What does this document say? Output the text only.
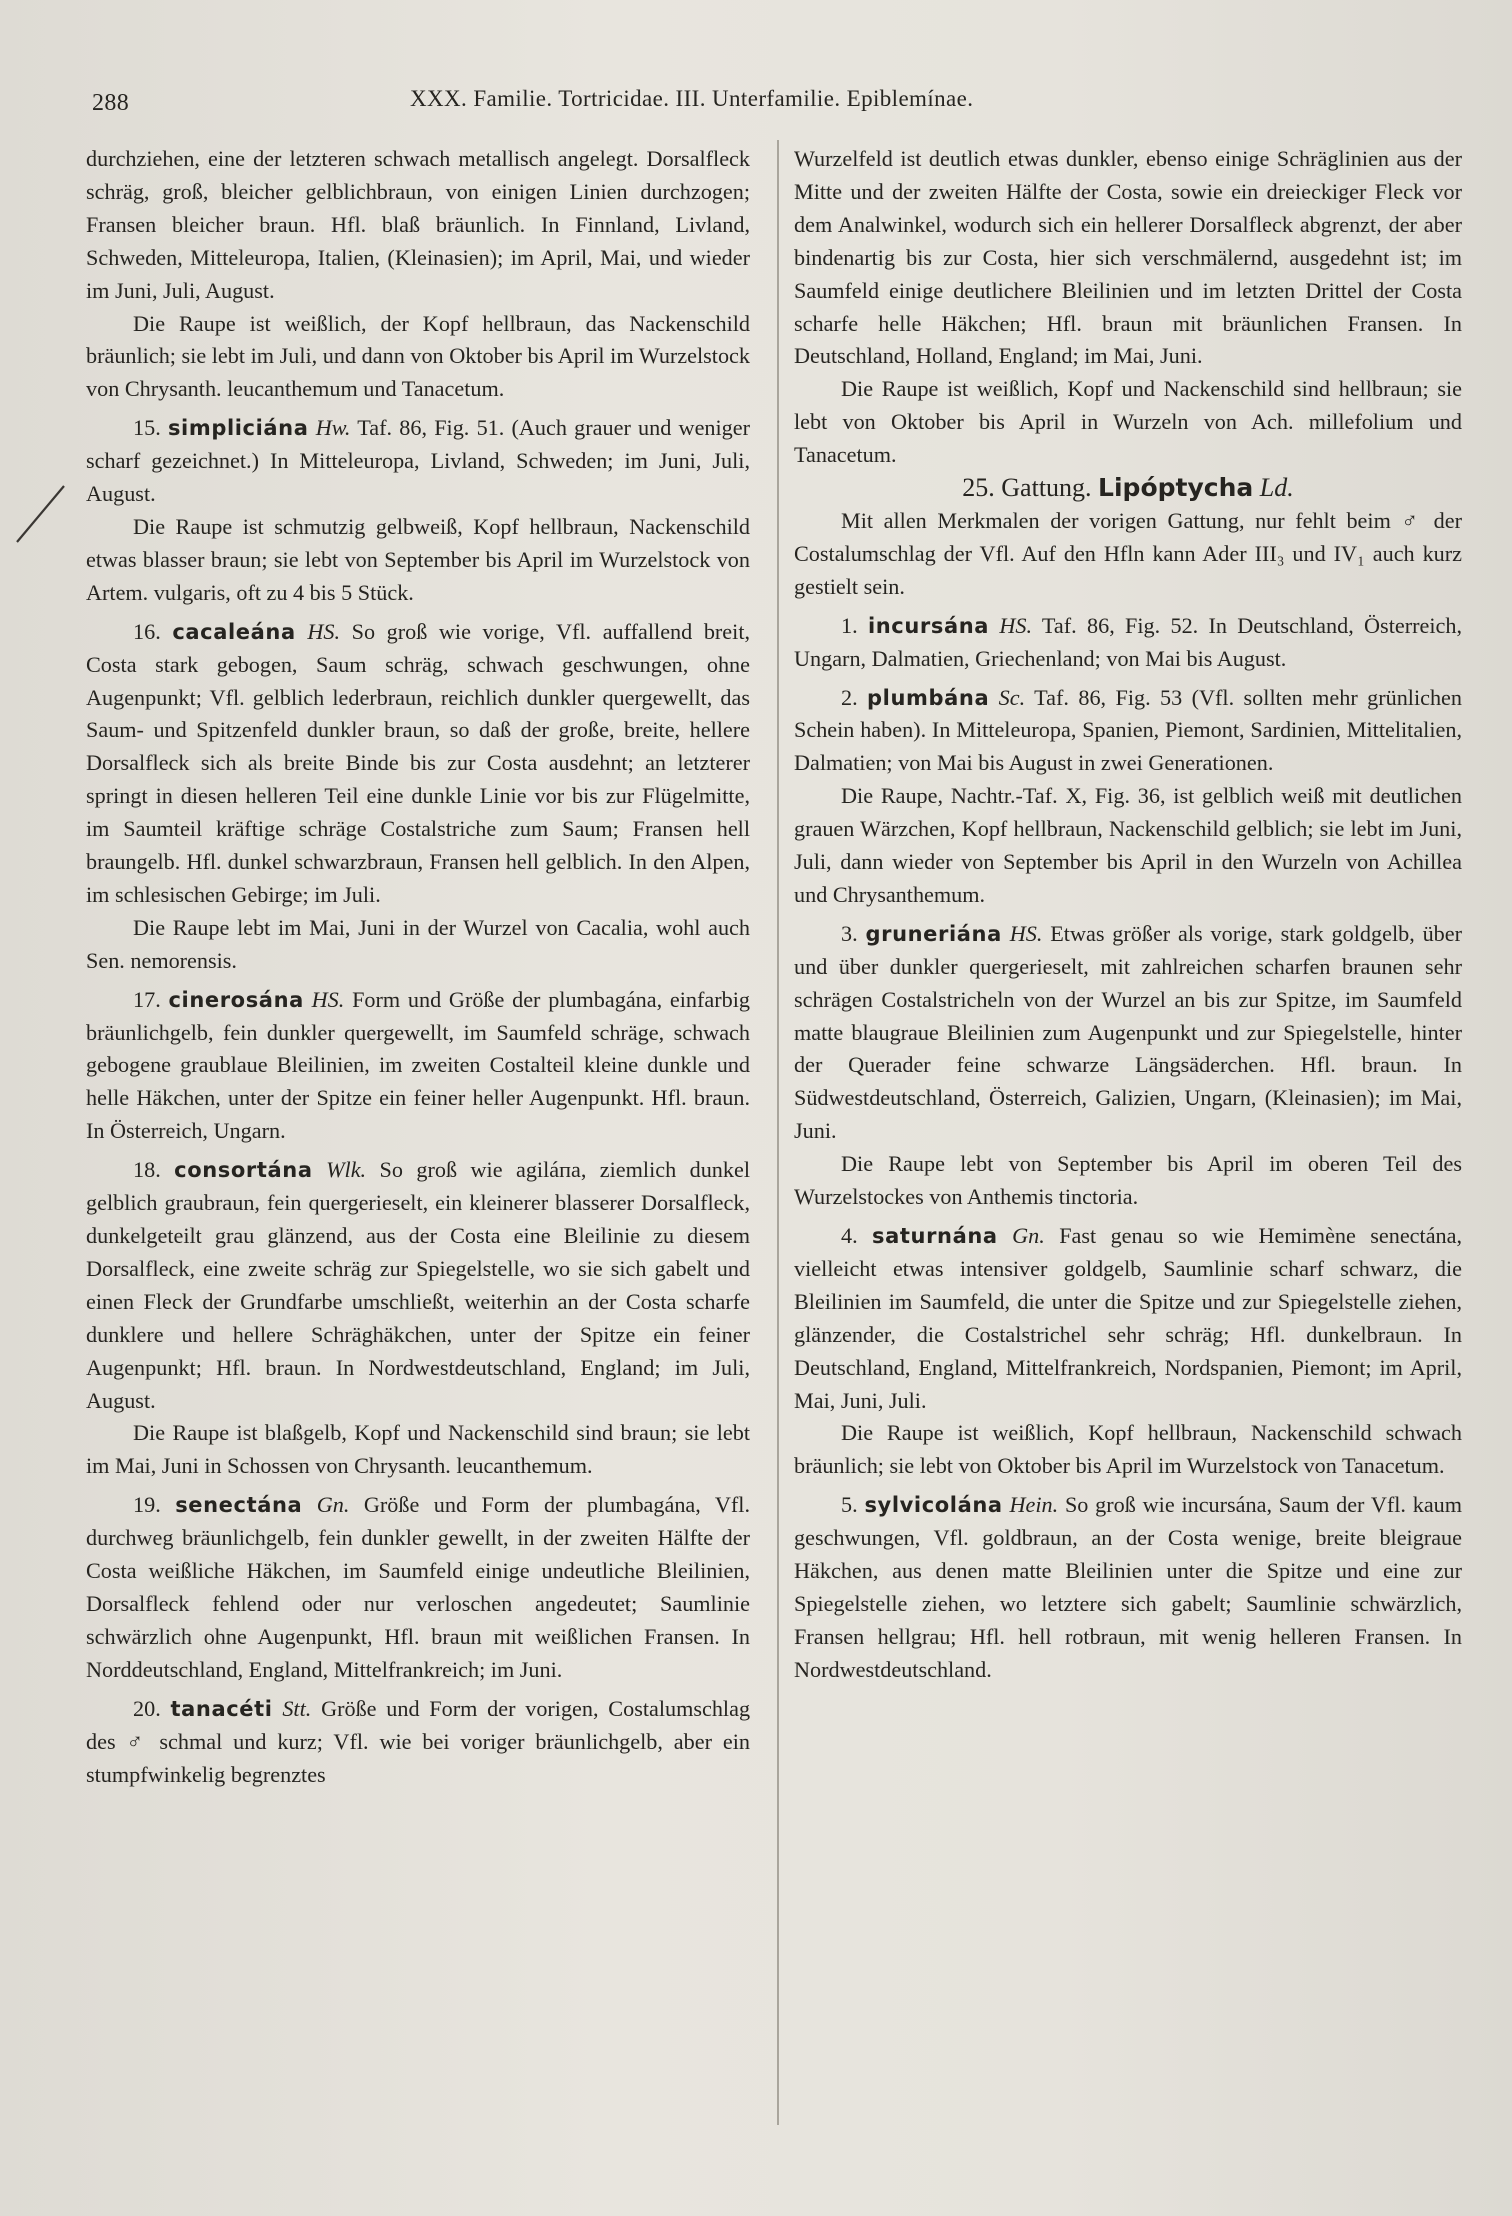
288	XXX. Familie. Tortricidae. III. Unterfamilie. Epiblemínae.

durchziehen, eine der letzteren schwach metallisch angelegt. Dorsalfleck schräg, groß, bleicher gelblichbraun, von einigen Linien durchzogen; Fransen bleicher braun. Hfl. blaß bräunlich. In Finnland, Livland, Schweden, Mitteleuropa, Italien, (Kleinasien); im April, Mai, und wieder im Juni, Juli, August.

Die Raupe ist weißlich, der Kopf hellbraun, das Nackenschild bräunlich; sie lebt im Juli, und dann von Oktober bis April im Wurzelstock von Chrysanth. leucanthemum und Tanacetum.

15. simpliciána Hw. Taf. 86, Fig. 51. (Auch grauer und weniger scharf gezeichnet.) In Mitteleuropa, Livland, Schweden; im Juni, Juli, August.

Die Raupe ist schmutzig gelbweiß, Kopf hellbraun, Nackenschild etwas blasser braun; sie lebt von September bis April im Wurzelstock von Artem. vulgaris, oft zu 4 bis 5 Stück.

16. cacaleána HS. So groß wie vorige, Vfl. auffallend breit, Costa stark gebogen, Saum schräg, schwach geschwungen, ohne Augenpunkt; Vfl. gelblich lederbraun, reichlich dunkler quergewellt, das Saum- und Spitzenfeld dunkler braun, so daß der große, breite, hellere Dorsalfleck sich als breite Binde bis zur Costa ausdehnt; an letzterer springt in diesen helleren Teil eine dunkle Linie vor bis zur Flügelmitte, im Saumteil kräftige schräge Costalstriche zum Saum; Fransen hell braungelb. Hfl. dunkel schwarzbraun, Fransen hell gelblich. In den Alpen, im schlesischen Gebirge; im Juli.

Die Raupe lebt im Mai, Juni in der Wurzel von Cacalia, wohl auch Sen. nemorensis.

17. cinerosána HS. Form und Größe der plumbagána, einfarbig bräunlichgelb, fein dunkler quergewellt, im Saumfeld schräge, schwach gebogene graublaue Bleilinien, im zweiten Costalteil kleine dunkle und helle Häkchen, unter der Spitze ein feiner heller Augenpunkt. Hfl. braun. In Österreich, Ungarn.

18. consortána Wlk. So groß wie agiláпa, ziemlich dunkel gelblich graubraun, fein quergerieselt, ein kleinerer blasserer Dorsalfleck, dunkelgeteilt grau glänzend, aus der Costa eine Bleilinie zu diesem Dorsalfleck, eine zweite schräg zur Spiegelstelle, wo sie sich gabelt und einen Fleck der Grundfarbe umschließt, weiterhin an der Costa scharfe dunklere und hellere Schräghäkchen, unter der Spitze ein feiner Augenpunkt; Hfl. braun. In Nordwestdeutschland, England; im Juli, August.

Die Raupe ist blaßgelb, Kopf und Nackenschild sind braun; sie lebt im Mai, Juni in Schossen von Chrysanth. leucanthemum.

19. senectána Gn. Größe und Form der plumbagána, Vfl. durchweg bräunlichgelb, fein dunkler gewellt, in der zweiten Hälfte der Costa weißliche Häkchen, im Saumfeld einige undeutliche Bleilinien, Dorsalfleck fehlend oder nur verloschen angedeutet; Saumlinie schwärzlich ohne Augenpunkt, Hfl. braun mit weißlichen Fransen. In Norddeutschland, England, Mittelfrankreich; im Juni.

20. tanacéti Stt. Größe und Form der vorigen, Costalumschlag des ♂ schmal und kurz; Vfl. wie bei voriger bräunlichgelb, aber ein stumpfwinkelig begrenztes

Wurzelfeld ist deutlich etwas dunkler, ebenso einige Schräglinien aus der Mitte und der zweiten Hälfte der Costa, sowie ein dreieckiger Fleck vor dem Analwinkel, wodurch sich ein hellerer Dorsalfleck abgrenzt, der aber bindenartig bis zur Costa, hier sich verschmälernd, ausgedehnt ist; im Saumfeld einige deutlichere Bleilinien und im letzten Drittel der Costa scharfe helle Häkchen; Hfl. braun mit bräunlichen Fransen. In Deutschland, Holland, England; im Mai, Juni.

Die Raupe ist weißlich, Kopf und Nackenschild sind hellbraun; sie lebt von Oktober bis April in Wurzeln von Ach. millefolium und Tanacetum.

25. Gattung. Lipóptycha Ld.

Mit allen Merkmalen der vorigen Gattung, nur fehlt beim ♂ der Costalumschlag der Vfl. Auf den Hfln kann Ader III₃ und IV₁ auch kurz gestielt sein.

1. incursána HS. Taf. 86, Fig. 52. In Deutschland, Österreich, Ungarn, Dalmatien, Griechenland; von Mai bis August.

2. plumbána Sc. Taf. 86, Fig. 53 (Vfl. sollten mehr grünlichen Schein haben). In Mitteleuropa, Spanien, Piemont, Sardinien, Mittelitalien, Dalmatien; von Mai bis August in zwei Generationen.

Die Raupe, Nachtr.-Taf. X, Fig. 36, ist gelblich weiß mit deutlichen grauen Wärzchen, Kopf hellbraun, Nackenschild gelblich; sie lebt im Juni, Juli, dann wieder von September bis April in den Wurzeln von Achillea und Chrysanthemum.

3. gruneriána HS. Etwas größer als vorige, stark goldgelb, über und über dunkler quergerieselt, mit zahlreichen scharfen braunen sehr schrägen Costalstricheln von der Wurzel an bis zur Spitze, im Saumfeld matte blaugraue Bleilinien zum Augenpunkt und zur Spiegelstelle, hinter der Querader feine schwarze Längsäderchen. Hfl. braun. In Südwestdeutschland, Österreich, Galizien, Ungarn, (Kleinasien); im Mai, Juni.

Die Raupe lebt von September bis April im oberen Teil des Wurzelstockes von Anthemis tinctoria.

4. saturnána Gn. Fast genau so wie Hemimène senectána, vielleicht etwas intensiver goldgelb, Saumlinie scharf schwarz, die Bleilinien im Saumfeld, die unter die Spitze und zur Spiegelstelle ziehen, glänzender, die Costalstrichel sehr schräg; Hfl. dunkelbraun. In Deutschland, England, Mittelfrankreich, Nordspanien, Piemont; im April, Mai, Juni, Juli.

Die Raupe ist weißlich, Kopf hellbraun, Nackenschild schwach bräunlich; sie lebt von Oktober bis April im Wurzelstock von Tanacetum.

5. sylvicolána Hein. So groß wie incursána, Saum der Vfl. kaum geschwungen, Vfl. goldbraun, an der Costa wenige, breite bleigraue Häkchen, aus denen matte Bleilinien unter die Spitze und eine zur Spiegelstelle ziehen, wo letztere sich gabelt; Saumlinie schwärzlich, Fransen hellgrau; Hfl. hell rotbraun, mit wenig helleren Fransen. In Nordwestdeutschland.
